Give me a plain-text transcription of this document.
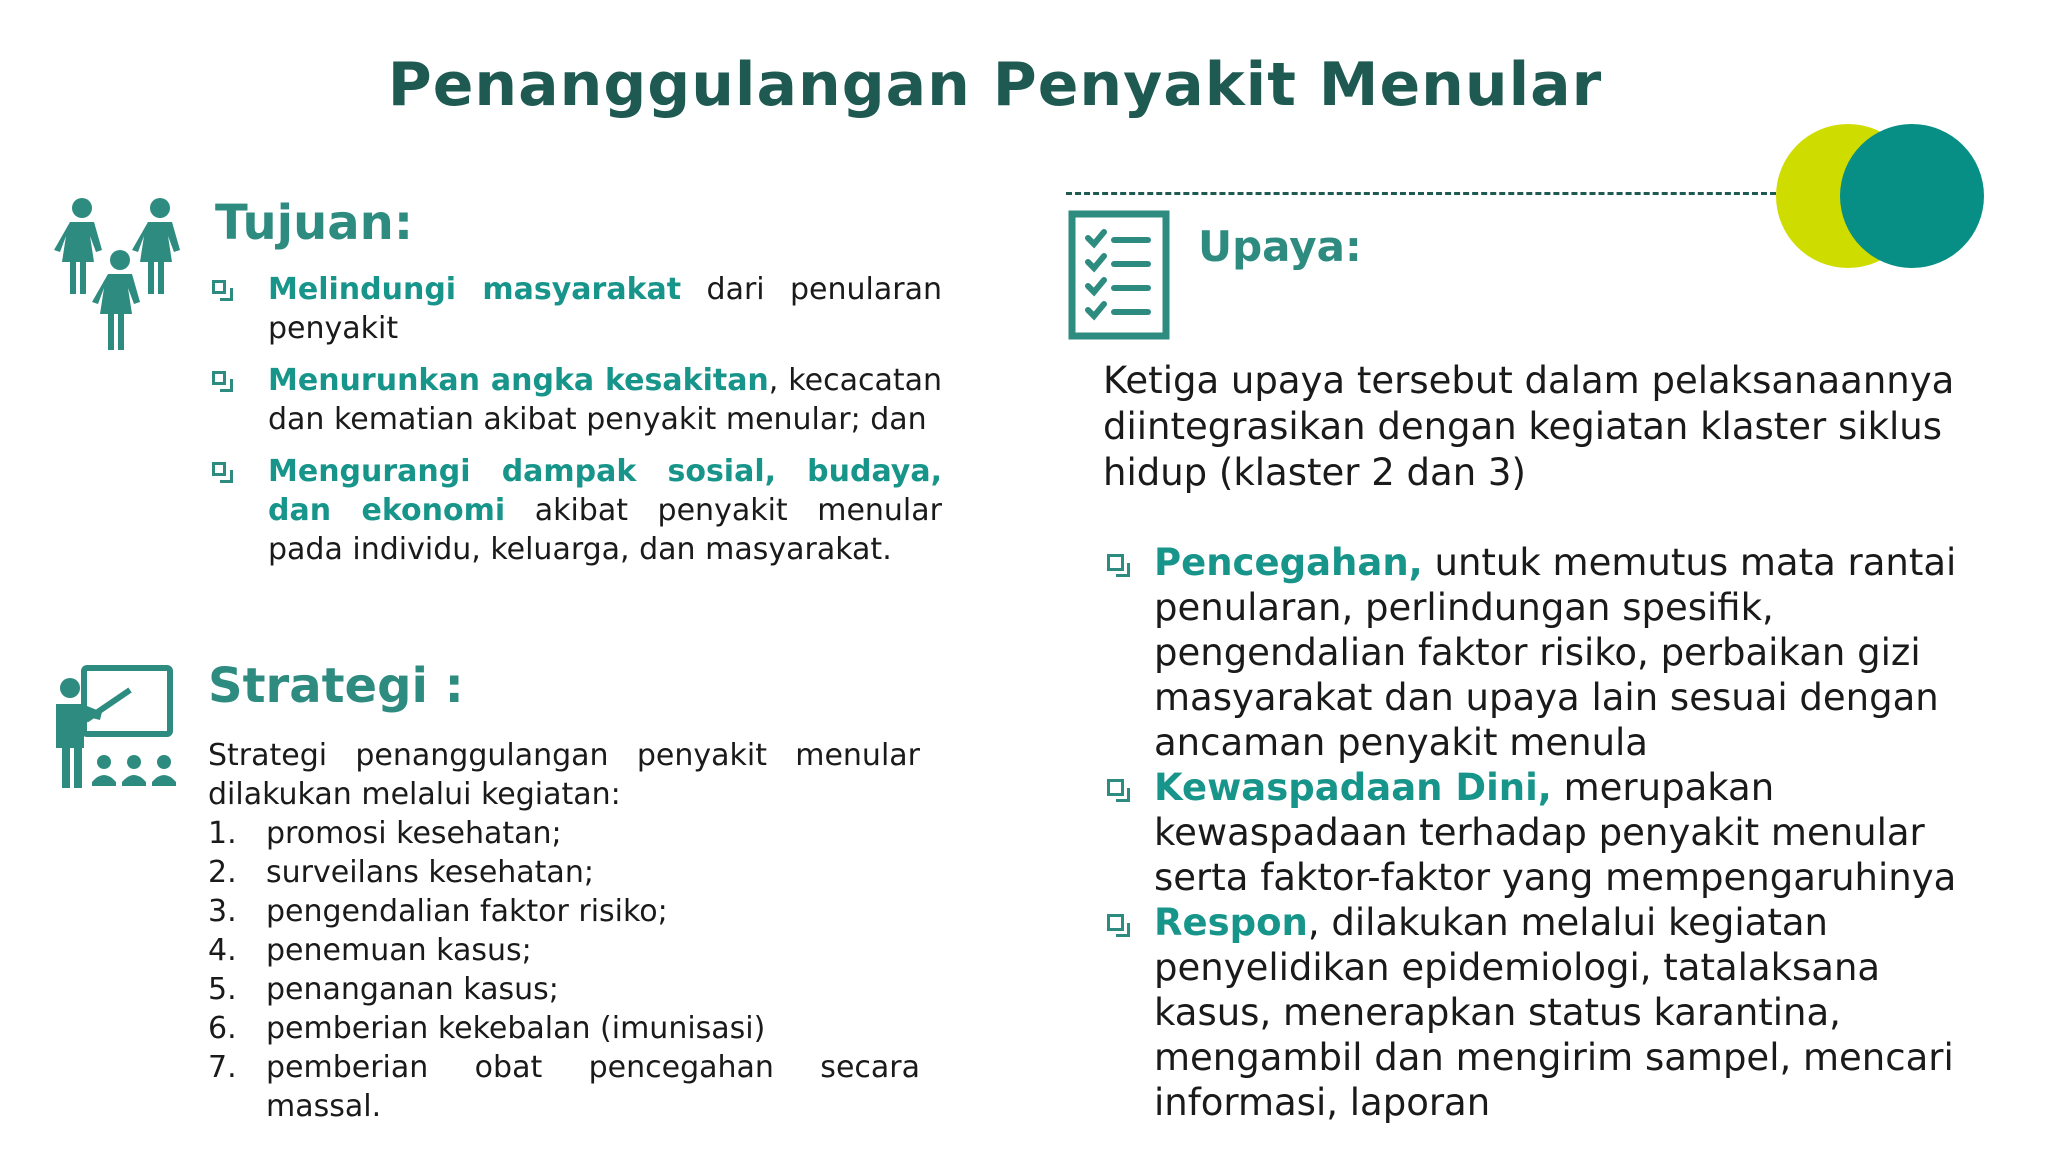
Penanggulangan Penyakit Menular
Tujuan:
Melindungi masyarakat dari penularan penyakit
Menurunkan angka kesakitan, kecacatan dan kematian akibat penyakit menular; dan
Mengurangi dampak sosial, budaya, dan ekonomi akibat penyakit menular pada individu, keluarga, dan masyarakat.
Strategi :
Strategi penanggulangan penyakit menular dilakukan melalui kegiatan:
1. promosi kesehatan;
2. surveilans kesehatan;
3. pengendalian faktor risiko;
4. penemuan kasus;
5. penanganan kasus;
6. pemberian kekebalan (imunisasi)
7. pemberian obat pencegahan secara massal.
Upaya:
Ketiga upaya tersebut dalam pelaksanaannya diintegrasikan dengan kegiatan klaster siklus hidup (klaster 2 dan 3)
Pencegahan, untuk memutus mata rantai penularan, perlindungan spesifik, pengendalian faktor risiko, perbaikan gizi masyarakat dan upaya lain sesuai dengan ancaman penyakit menula
Kewaspadaan Dini, merupakan kewaspadaan terhadap penyakit menular serta faktor-faktor yang mempengaruhinya
Respon, dilakukan melalui kegiatan penyelidikan epidemiologi, tatalaksana kasus, menerapkan status karantina, mengambil dan mengirim sampel, mencari informasi, laporan
